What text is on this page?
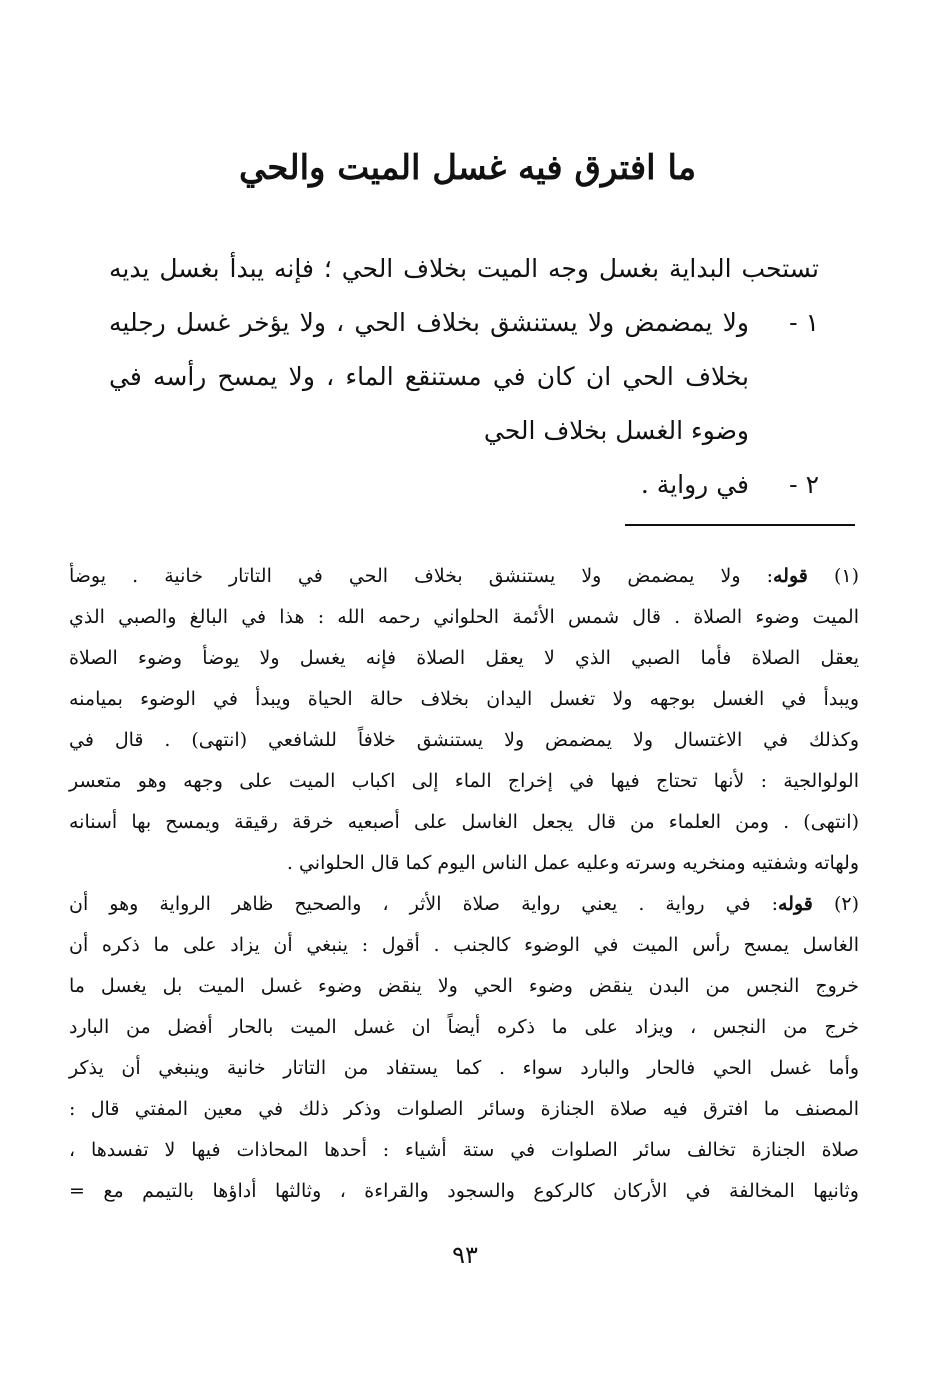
ما افترق فيه غسل الميت والحي
تستحب البداية بغسل وجه الميت بخلاف الحي ؛ فإنه يبدأ بغسل يديه
١ -
ولا يمضمض ولا يستنشق بخلاف الحي ، ولا يؤخر غسل رجليه
بخلاف الحي ان كان في مستنقع الماء ، ولا يمسح رأسه في
وضوء الغسل بخلاف الحي
٢ -
في رواية .
(١) قوله: ولا يمضمض ولا يستنشق بخلاف الحي في التاتار خانية . يوضأ
الميت وضوء الصلاة . قال شمس الأئمة الحلواني رحمه الله : هذا في البالغ والصبي الذي
يعقل الصلاة فأما الصبي الذي لا يعقل الصلاة فإنه يغسل ولا يوضأ وضوء الصلاة
ويبدأ في الغسل بوجهه ولا تغسل اليدان بخلاف حالة الحياة ويبدأ في الوضوء بميامنه
وكذلك في الاغتسال ولا يمضمض ولا يستنشق خلافاً للشافعي (انتهى) . قال في
الولوالجية : لأنها تحتاج فيها في إخراج الماء إلى اكباب الميت على وجهه وهو متعسر
(انتهى) . ومن العلماء من قال يجعل الغاسل على أصبعيه خرقة رقيقة ويمسح بها أسنانه
ولهاته وشفتيه ومنخريه وسرته وعليه عمل الناس اليوم كما قال الحلواني .
(٢) قوله: في رواية . يعني رواية صلاة الأثر ، والصحيح ظاهر الرواية وهو أن
الغاسل يمسح رأس الميت في الوضوء كالجنب . أقول : ينبغي أن يزاد على ما ذكره أن
خروج النجس من البدن ينقض وضوء الحي ولا ينقض وضوء غسل الميت بل يغسل ما
خرج من النجس ، ويزاد على ما ذكره أيضاً ان غسل الميت بالحار أفضل من البارد
وأما غسل الحي فالحار والبارد سواء . كما يستفاد من التاتار خانية وينبغي أن يذكر
المصنف ما افترق فيه صلاة الجنازة وسائر الصلوات وذكر ذلك في معين المفتي قال :
صلاة الجنازة تخالف سائر الصلوات في ستة أشياء : أحدها المحاذات فيها لا تفسدها ،
وثانيها المخالفة في الأركان كالركوع والسجود والقراءة ، وثالثها أداؤها بالتيمم مع =
٩٣
